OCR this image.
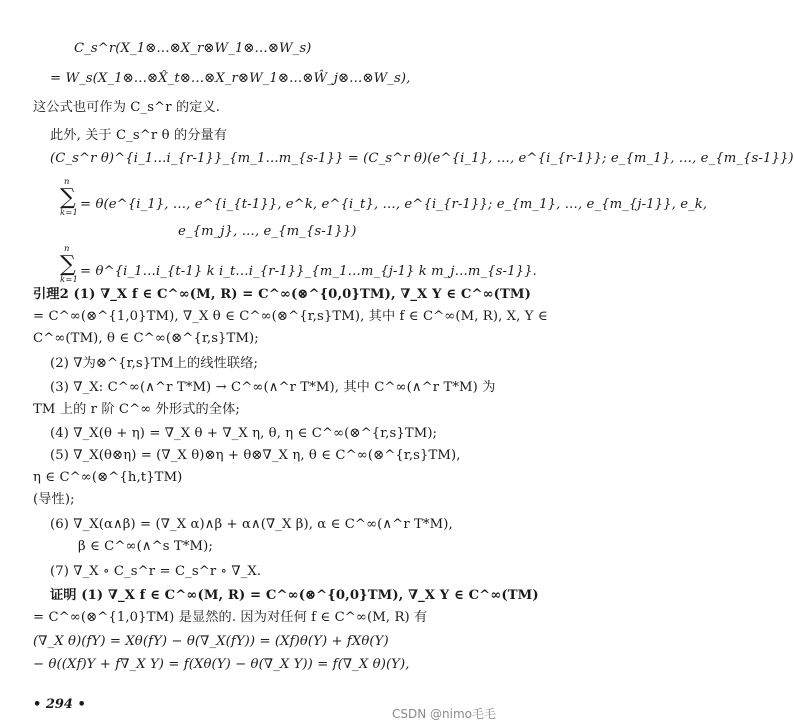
C_s^r(X_1⊗…⊗X_r⊗W_1⊗…⊗W_s)
= W_s(X_1⊗…⊗X̂_t⊗…⊗X_r⊗W_1⊗…⊗Ŵ_j⊗…⊗W_s),
这公式也可作为 C_s^r 的定义.
此外, 关于 C_s^r θ 的分量有
(C_s^r θ)^{i_1…i_{r-1}}_{m_1…m_{s-1}} = (C_s^r θ)(e^{i_1}, …, e^{i_{r-1}}; e_{m_1}, …, e_{m_{s-1}})
n
∑
k=1
= θ(e^{i_1}, …, e^{i_{t-1}}, e^k, e^{i_t}, …, e^{i_{r-1}}; e_{m_1}, …, e_{m_{j-1}}, e_k,
e_{m_j}, …, e_{m_{s-1}})
n
∑
k=1
= θ^{i_1…i_{t-1} k i_t…i_{r-1}}_{m_1…m_{j-1} k m_j…m_{s-1}}.
引理2 (1) ∇_X f ∈ C^∞(M, R) = C^∞(⊗^{0,0}TM), ∇_X Y ∈ C^∞(TM)
= C^∞(⊗^{1,0}TM), ∇_X θ ∈ C^∞(⊗^{r,s}TM), 其中 f ∈ C^∞(M, R), X, Y ∈
C^∞(TM), θ ∈ C^∞(⊗^{r,s}TM);
(2) ∇为⊗^{r,s}TM上的线性联络;
(3) ∇_X: C^∞(∧^r T*M) → C^∞(∧^r T*M), 其中 C^∞(∧^r T*M) 为
TM 上的 r 阶 C^∞ 外形式的全体;
(4) ∇_X(θ + η) = ∇_X θ + ∇_X η, θ, η ∈ C^∞(⊗^{r,s}TM);
(5) ∇_X(θ⊗η) = (∇_X θ)⊗η + θ⊗∇_X η, θ ∈ C^∞(⊗^{r,s}TM),
η ∈ C^∞(⊗^{h,t}TM)
(导性);
(6) ∇_X(α∧β) = (∇_X α)∧β + α∧(∇_X β), α ∈ C^∞(∧^r T*M),
β ∈ C^∞(∧^s T*M);
(7) ∇_X ∘ C_s^r = C_s^r ∘ ∇_X.
证明 (1) ∇_X f ∈ C^∞(M, R) = C^∞(⊗^{0,0}TM), ∇_X Y ∈ C^∞(TM)
= C^∞(⊗^{1,0}TM) 是显然的. 因为对任何 f ∈ C^∞(M, R) 有
(∇_X θ)(fY) = Xθ(fY) − θ(∇_X(fY)) = (Xf)θ(Y) + fXθ(Y)
− θ((Xf)Y + f∇_X Y) = f(Xθ(Y) − θ(∇_X Y)) = f(∇_X θ)(Y),
• 294 •
CSDN @nimo毛毛
